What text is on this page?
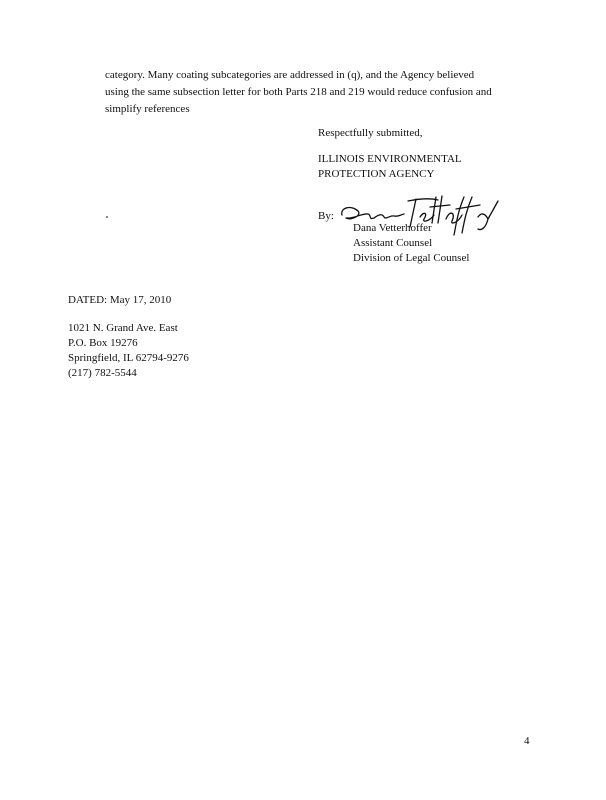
category. Many coating subcategories are addressed in (q), and the Agency believed
using the same subsection letter for both Parts 218 and 219 would reduce confusion and
simplify references
Respectfully submitted,
ILLINOIS ENVIRONMENTAL
PROTECTION AGENCY
By:
Dana Vetterhoffer
Assistant Counsel
Division of Legal Counsel
DATED: May 17, 2010
1021 N. Grand Ave. East
P.O. Box 19276
Springfield, IL 62794-9276
(217) 782-5544
4
